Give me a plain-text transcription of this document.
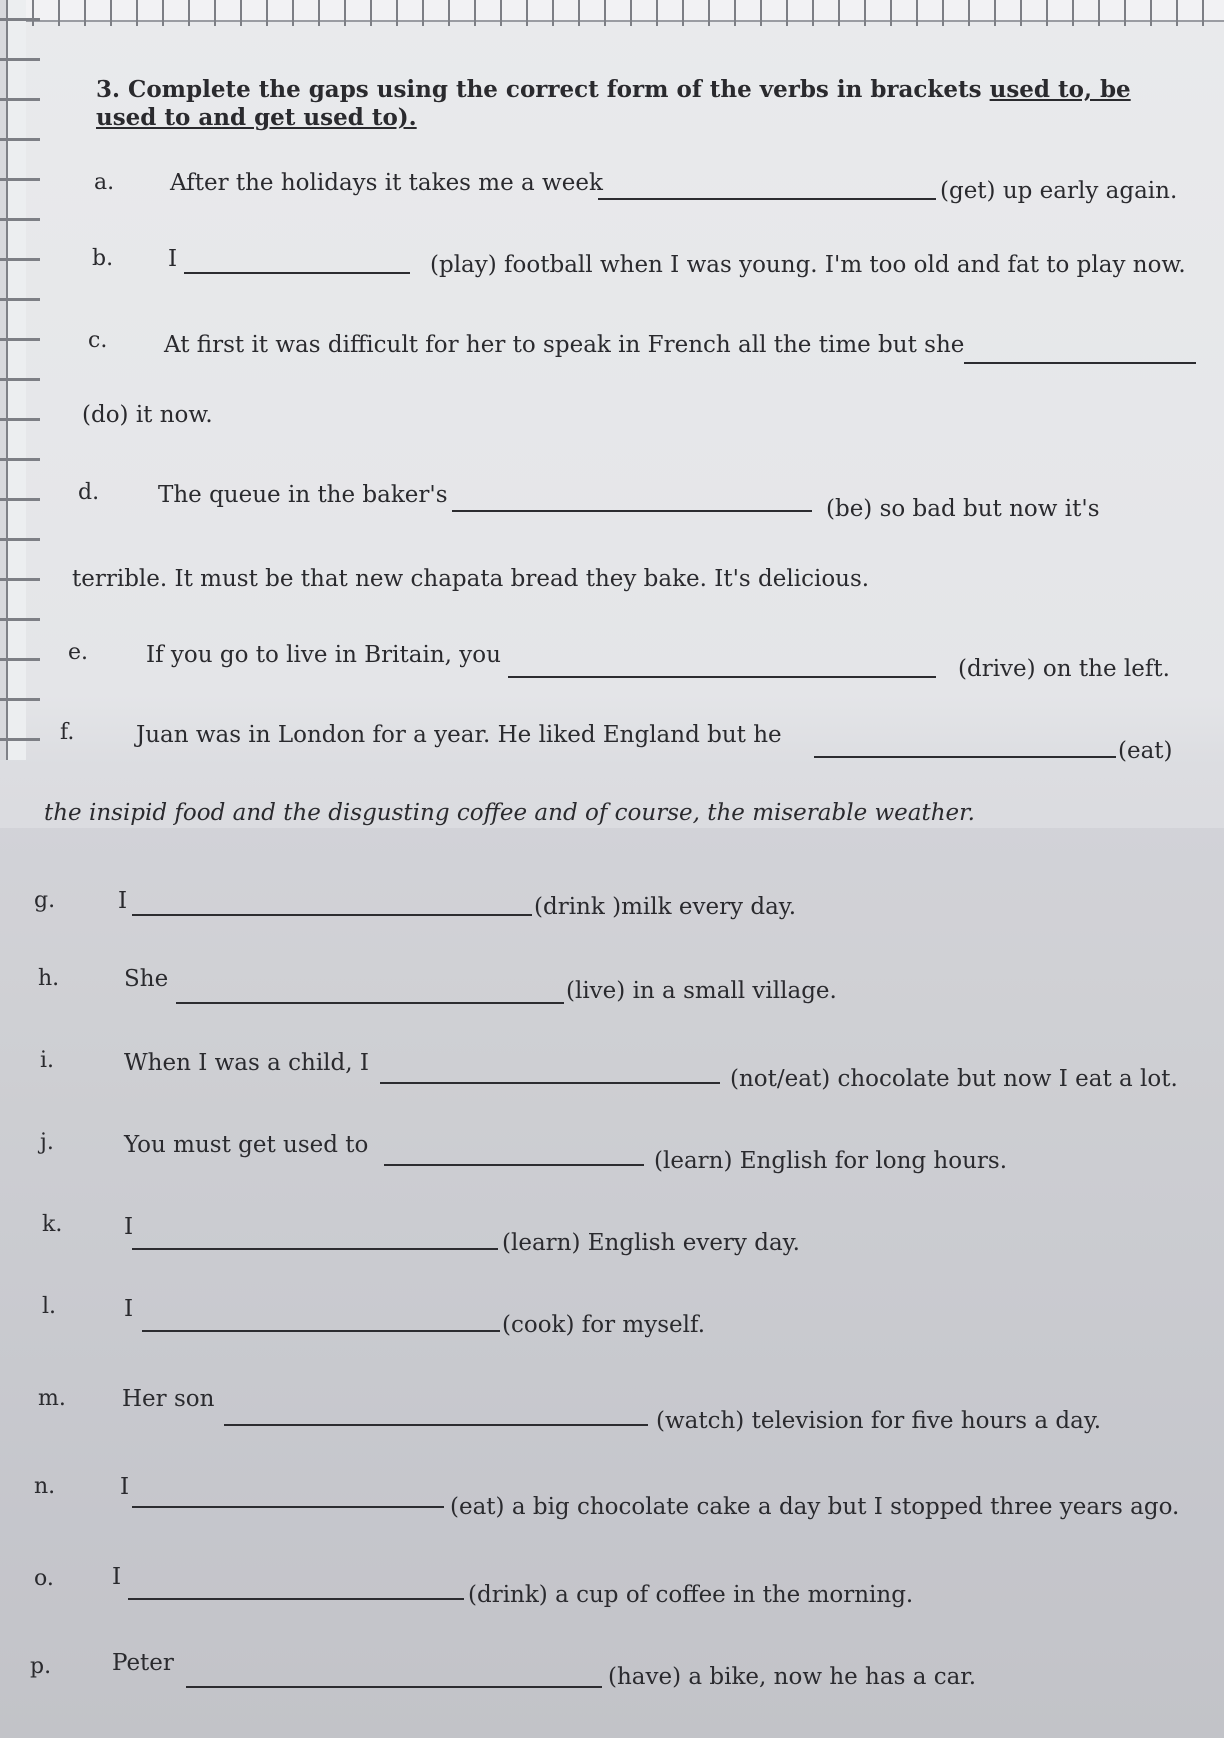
3. Complete the gaps using the correct form of the verbs in brackets used to, be used to and get used to).
a. After the holidays it takes me a week	(get) up early again.
b. I	(play) football when I was young. I'm too old and fat to play now.
c. At first it was difficult for her to speak in French all the time but she
(do) it now.
d.	The queue in the baker's
(be) so bad but now it's
terrible. It must be that new chapata bread they bake. It's delicious.
e.	If you go to live in Britain, you
(drive) on the left.
f.	Juan was in London for a year. He liked England but he
(eat)
the insipid food and the disgusting coffee and of course, the miserable weather.
g.	I	(drink )milk every day.
h.	She	(live) in a small village.
i.	When I was a child, I
(not/eat) chocolate but now I eat a lot.
j.	You must get used to
(learn) English for long hours.
k.	I
(learn) English every day.
l.	I
(cook) for myself.
m. Her son
(watch) television for five hours a day.
n.	I
(eat) a big chocolate cake a day but I stopped three years ago.
o.	I
(drink) a cup of coffee in the morning.
p.	Peter
(have) a bike, now he has a car.
